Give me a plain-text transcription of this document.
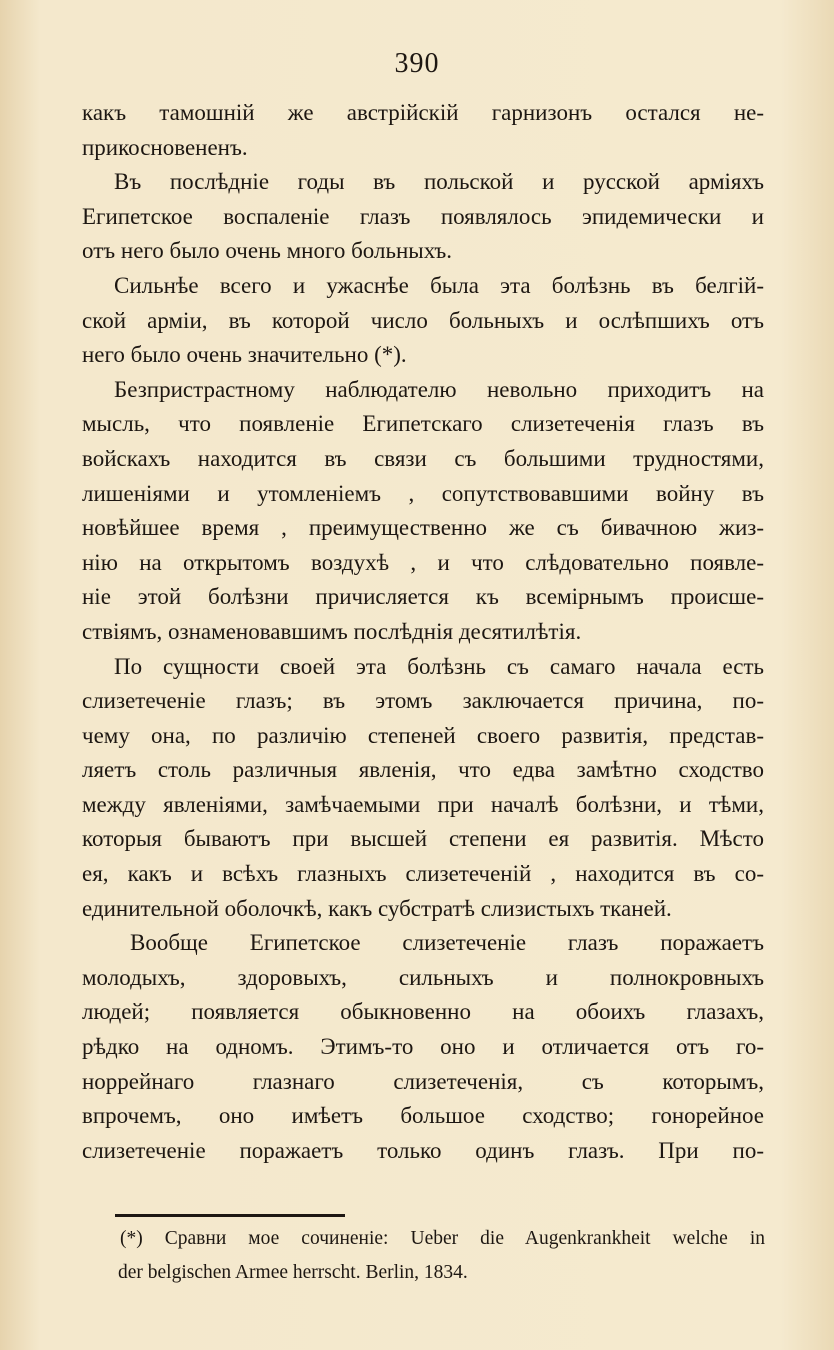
390
какъ тамошній же австрійскій гарнизонъ остался не-
прикосновененъ.
Въ послѣдніе годы въ польской и русской арміяхъ
Египетское воспаленіе глазъ появлялось эпидемически и
отъ него было очень много больныхъ.
Сильнѣе всего и ужаснѣе была эта болѣзнь въ белгій-
ской арміи, въ которой число больныхъ и ослѣпшихъ отъ
него было очень значительно (*).
Безпристрастному наблюдателю невольно приходитъ на
мысль, что появленіе Египетскаго слизетеченія глазъ въ
войскахъ находится въ связи съ большими трудностями,
лишеніями и утомленіемъ , сопутствовавшими войну въ
новѣйшее время , преимущественно же съ бивачною жиз-
нію на открытомъ воздухѣ , и что слѣдовательно появле-
ніе этой болѣзни причисляется къ всемірнымъ происше-
ствіямъ, ознаменовавшимъ послѣднія десятилѣтія.
По сущности своей эта болѣзнь съ самаго начала есть
слизетеченіе глазъ; въ этомъ заключается причина, по-
чему она, по различію степеней своего развитія, представ-
ляетъ столь различныя явленія, что едва замѣтно сходство
между явленіями, замѣчаемыми при началѣ болѣзни, и тѣми,
которыя бываютъ при высшей степени ея развитія. Мѣсто
ея, какъ и всѣхъ глазныхъ слизетеченій , находится въ со-
единительной оболочкѣ, какъ субстратѣ слизистыхъ тканей.
Вообще Египетское слизетеченіе глазъ поражаетъ
молодыхъ, здоровыхъ, сильныхъ и полнокровныхъ
людей; появляется обыкновенно на обоихъ глазахъ,
рѣдко на одномъ. Этимъ-то оно и отличается отъ го-
норрейнаго глазнаго слизетеченія, съ которымъ,
впрочемъ, оно имѣетъ большое сходство; гонорейное
слизетеченіе поражаетъ только одинъ глазъ. При по-
(*) Сравни мое сочиненіе: Ueber die Augenkrankheit welche in
der belgischen Armee herrscht. Berlin, 1834.
